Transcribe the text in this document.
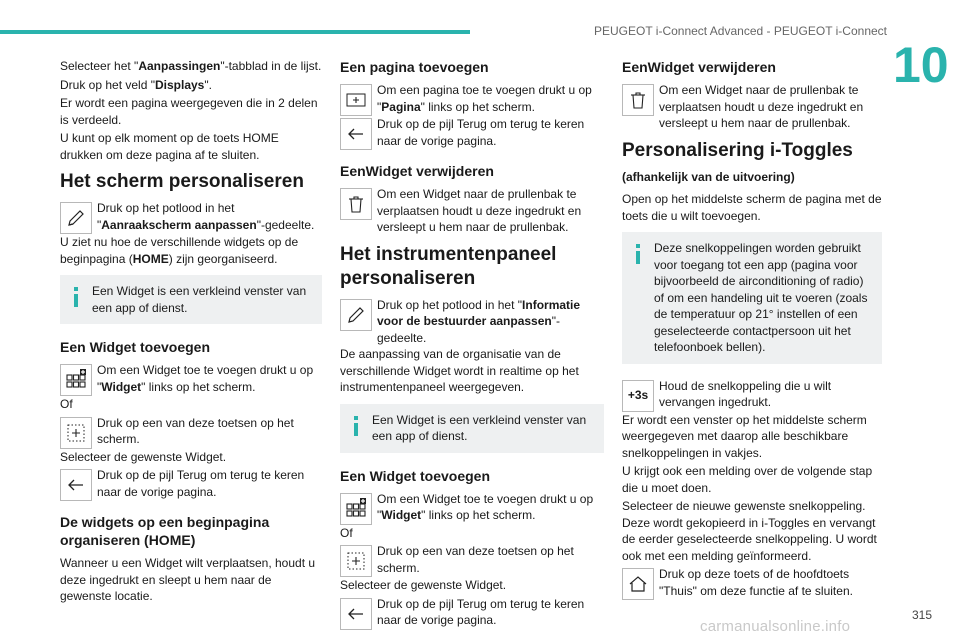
PEUGEOT i-Connect Advanced - PEUGEOT i-Connect
10
Selecteer het "Aanpassingen"-tabblad in de lijst.
Druk op het veld "Displays".
Er wordt een pagina weergegeven die in 2 delen is verdeeld.
U kunt op elk moment op de toets HOME drukken om deze pagina af te sluiten.
Het scherm personaliseren
Druk op het potlood in het "Aanraakscherm aanpassen"-gedeelte.
U ziet nu hoe de verschillende widgets op de beginpagina (HOME) zijn georganiseerd.
Een Widget is een verkleind venster van een app of dienst.
Een Widget toevoegen
Om een Widget toe te voegen drukt u op "Widget" links op het scherm.
Of
Druk op een van deze toetsen op het scherm.
Selecteer de gewenste Widget.
Druk op de pijl Terug om terug te keren naar de vorige pagina.
De widgets op een beginpagina organiseren (HOME)
Wanneer u een Widget wilt verplaatsen, houdt u deze ingedrukt en sleept u hem naar de gewenste locatie.
Een pagina toevoegen
Om een pagina toe te voegen drukt u op "Pagina" links op het scherm.
Druk op de pijl Terug om terug te keren naar de vorige pagina.
EenWidget verwijderen
Om een Widget naar de prullenbak te verplaatsen houdt u deze ingedrukt en versleept u hem naar de prullenbak.
Het instrumentenpaneel personaliseren
Druk op het potlood in het "Informatie voor de bestuurder aanpassen"-gedeelte.
De aanpassing van de organisatie van de verschillende Widget wordt in realtime op het instrumentenpaneel weergegeven.
Een Widget is een verkleind venster van een app of dienst.
Een Widget toevoegen
Om een Widget toe te voegen drukt u op "Widget" links op het scherm.
Of
Druk op een van deze toetsen op het scherm.
Selecteer de gewenste Widget.
Druk op de pijl Terug om terug te keren naar de vorige pagina.
EenWidget verwijderen
Om een Widget naar de prullenbak te verplaatsen houdt u deze ingedrukt en versleept u hem naar de prullenbak.
Personalisering i-Toggles
(afhankelijk van de uitvoering)
Open op het middelste scherm de pagina met de toets die u wilt toevoegen.
Deze snelkoppelingen worden gebruikt voor toegang tot een app (pagina voor bijvoorbeeld de airconditioning of radio) of om een handeling uit te voeren (zoals de temperatuur op 21° instellen of een geselecteerde contactpersoon uit het telefoonboek bellen).
+3s
Houd de snelkoppeling die u wilt vervangen ingedrukt.
Er wordt een venster op het middelste scherm weergegeven met daarop alle beschikbare snelkoppelingen in vakjes.
U krijgt ook een melding over de volgende stap die u moet doen.
Selecteer de nieuwe gewenste snelkoppeling. Deze wordt gekopieerd in i-Toggles en vervangt de eerder geselecteerde snelkoppeling. U wordt ook met een melding geïnformeerd.
Druk op deze toets of de hoofdtoets "Thuis" om deze functie af te sluiten.
315
carmanualsonline.info
